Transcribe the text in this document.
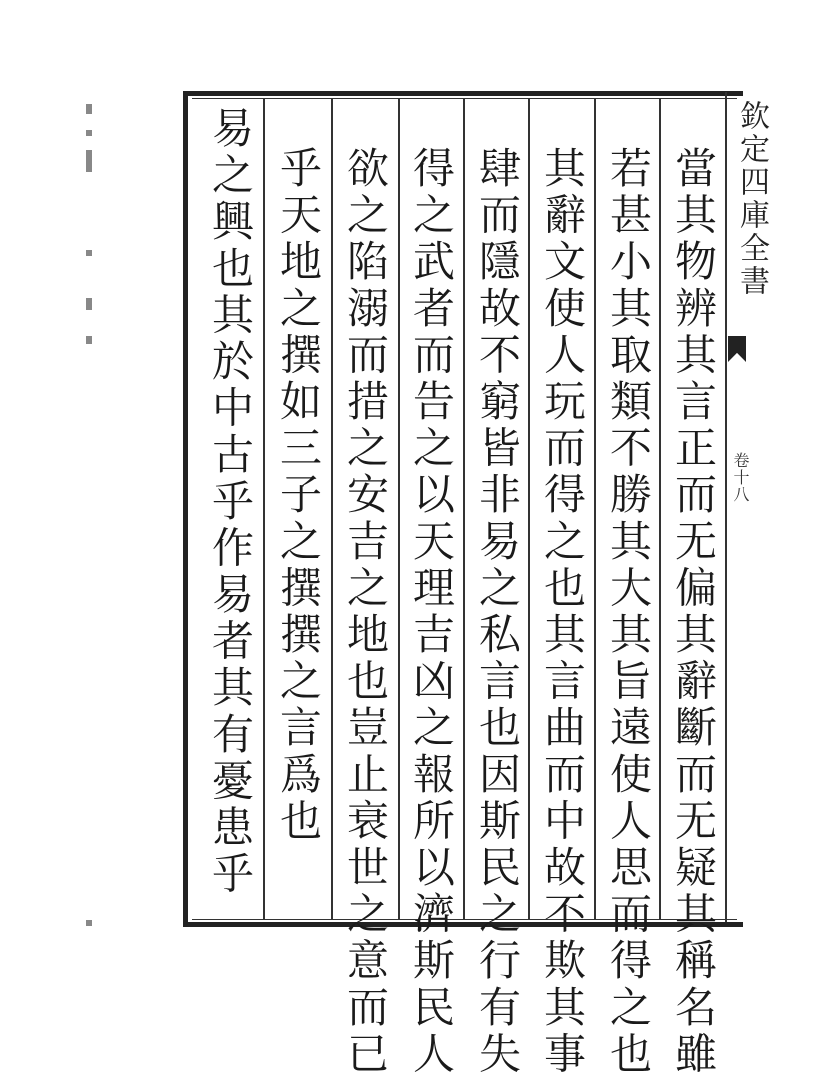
當其物辨其言正而无偏其辭斷而无疑其稱名雖
若甚小其取類不勝其大其旨遠使人思而得之也
其辭文使人玩而得之也其言曲而中故不欺其事
肆而隱故不窮皆非易之私言也因斯民之行有失
得之武者而告之以天理吉凶之報所以濟斯民人
欲之陷溺而措之安吉之地也豈止衰世之意而已
乎天地之撰如三子之撰撰之言爲也
易之興也其於中古乎作易者其有憂患乎	欽定四庫全書
卷十八
